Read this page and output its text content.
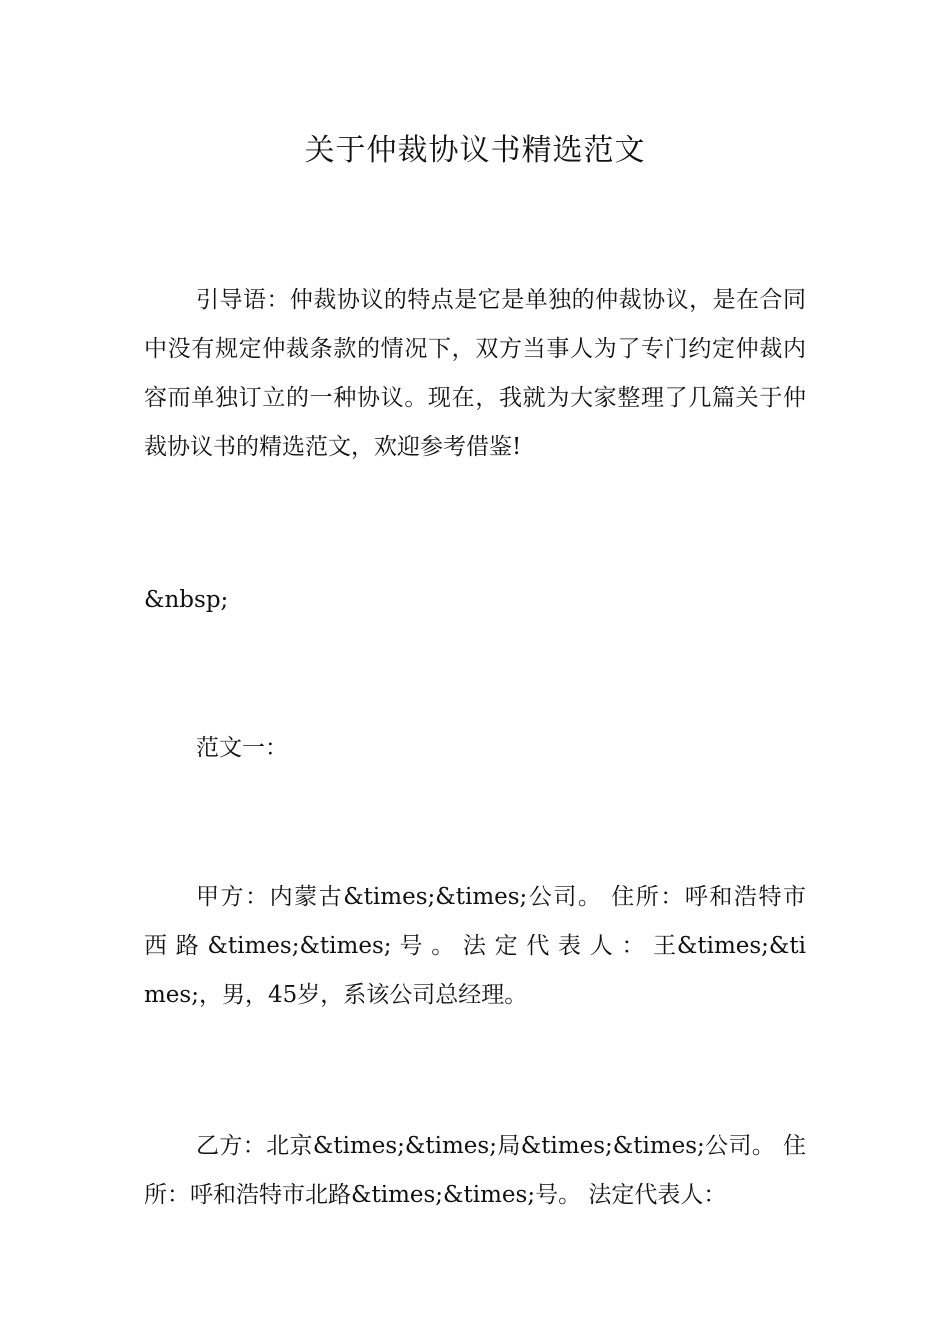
关于仲裁协议书精选范文
引导语：仲裁协议的特点是它是单独的仲裁协议，是在合同中没有规定仲裁条款的情况下，双方当事人为了专门约定仲裁内容而单独订立的一种协议。现在，我就为大家整理了几篇关于仲裁协议书的精选范文，欢迎参考借鉴!
&nbsp;
范文一：
甲方：内蒙古&times;&times;公司。 住所：呼和浩特市 西 路 &times;&times; 号 。 法 定 代 表 人 ： 王&times;&times;，男，45岁，系该公司总经理。
乙方：北京&times;&times;局&times;&times;公司。 住所：呼和浩特市北路&times;&times;号。 法定代表人：
